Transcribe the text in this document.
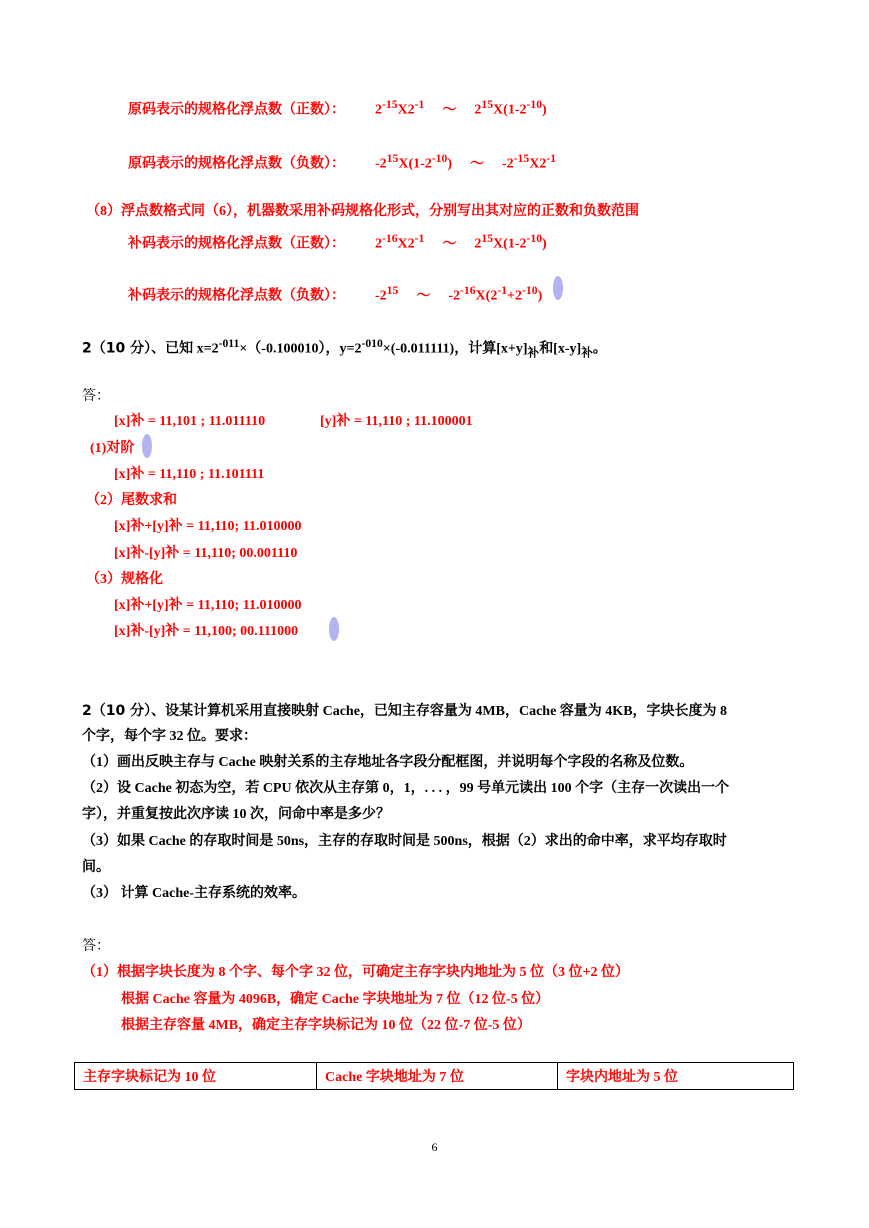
原码表示的规格化浮点数（正数）： $2^{-15}X2^{-1}$ ～ $2^{15}X(1-2^{-10})$
原码表示的规格化浮点数（负数）： $-2^{15}X(1-2^{-10})$ ～ $-2^{-15}X2^{-1}$
（8）浮点数格式同（6），机器数采用补码规格化形式，分别写出其对应的正数和负数范围
补码表示的规格化浮点数（正数）： $2^{-16}X2^{-1}$ ～ $2^{15}X(1-2^{-10})$
补码表示的规格化浮点数（负数）： $-2^{15}$ ～ $-2^{-16}X(2^{-1}+2^{-10})$
2（10 分）、已知 $x=2^{-011}\times(-0.100010)$，$y=2^{-010}\times(-0.011111)$，计算$[x+y]_补$和$[x-y]_补$。
答：
[x]补 = 11,101 ; 11.011110	[y]补 = 11,110 ; 11.100001
(1)对阶
[x]补 = 11,110 ; 11.101111
（2）尾数求和
[x]补+[y]补 = 11,110; 11.010000
[x]补-[y]补 = 11,110; 00.001110
（3）规格化
[x]补+[y]补 = 11,110; 11.010000
[x]补-[y]补 = 11,100; 00.111000
2（10 分）、设某计算机采用直接映射 Cache，已知主存容量为 4MB，Cache 容量为 4KB，字块长度为 8
个字，每个字 32 位。要求：
（1）画出反映主存与 Cache 映射关系的主存地址各字段分配框图，并说明每个字段的名称及位数。
（2）设 Cache 初态为空，若 CPU 依次从主存第 0，1，. . . ，99 号单元读出 100 个字（主存一次读出一个
字），并重复按此次序读 10 次，问命中率是多少？
（3）如果 Cache 的存取时间是 50ns，主存的存取时间是 500ns，根据（2）求出的命中率，求平均存取时
间。
（3） 计算 Cache-主存系统的效率。
答：
（1）根据字块长度为 8 个字、每个字 32 位，可确定主存字块内地址为 5 位（3 位+2 位）
根据 Cache 容量为 4096B，确定 Cache 字块地址为 7 位（12 位-5 位）
根据主存容量 4MB，确定主存字块标记为 10 位（22 位-7 位-5 位）
主存字块标记为 10 位	Cache 字块地址为 7 位	字块内地址为 5 位
6
